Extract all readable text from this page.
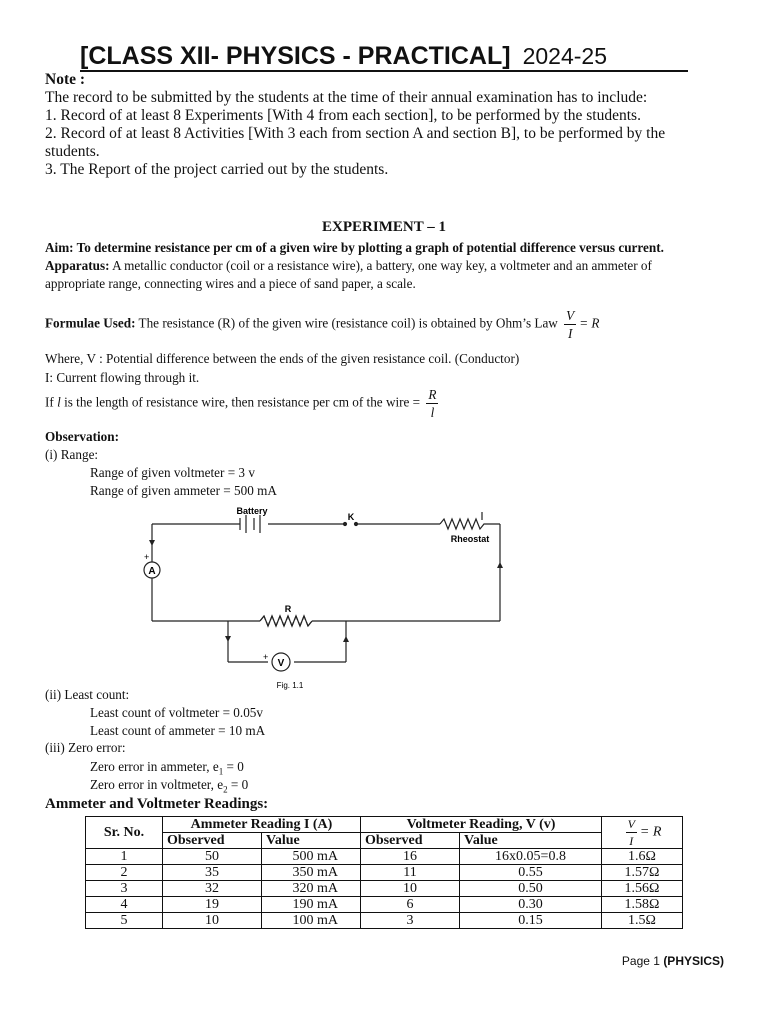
[CLASS XII- PHYSICS - PRACTICAL] 2024-25
Note :
The record to be submitted by the students at the time of their annual examination has to include:
1. Record of at least 8 Experiments [With 4 from each section], to be performed by the students.
2. Record of at least 8 Activities [With 3 each from section A and section B], to be performed by the
students.
3. The Report of the project carried out by the students.
EXPERIMENT – 1
Aim: To determine resistance per cm of a given wire by plotting a graph of potential difference versus current.
Apparatus: A metallic conductor (coil or a resistance wire), a battery, one way key, a voltmeter and an ammeter of
appropriate range, connecting wires and a piece of sand paper, a scale.
Formulae Used: The resistance (R) of the given wire (resistance coil) is obtained by Ohm’s Law $\frac{V}{I} = R$
Where, V : Potential difference between the ends of the given resistance coil. (Conductor)
I: Current flowing through it.
If l is the length of resistance wire, then resistance per cm of the wire = $\frac{R}{l}$
Observation:
(i) Range:
Range of given voltmeter = 3 v
Range of given ammeter = 500 mA
A
+
V
+
Battery
K
Rheostat
R
Fig. 1.1
(ii) Least count:
Least count of voltmeter = 0.05v
Least count of ammeter = 10 mA
(iii) Zero error:
Zero error in ammeter, $e_1 = 0$
Zero error in voltmeter, $e_2 = 0$
Ammeter and Voltmeter Readings:
Sr. No.	Ammeter Reading I (A)		Voltmeter Reading, V (v)		$\frac{V}{I} = R$
	Observed	Value	Observed	Value	
1	50	500 mA	16	16x0.05=0.8	1.6Ω
2	35	350 mA	11	0.55	1.57Ω
3	32	320 mA	10	0.50	1.56Ω
4	19	190 mA	6	0.30	1.58Ω
5	10	100 mA	3	0.15	1.5Ω
Page 1 (PHYSICS)
